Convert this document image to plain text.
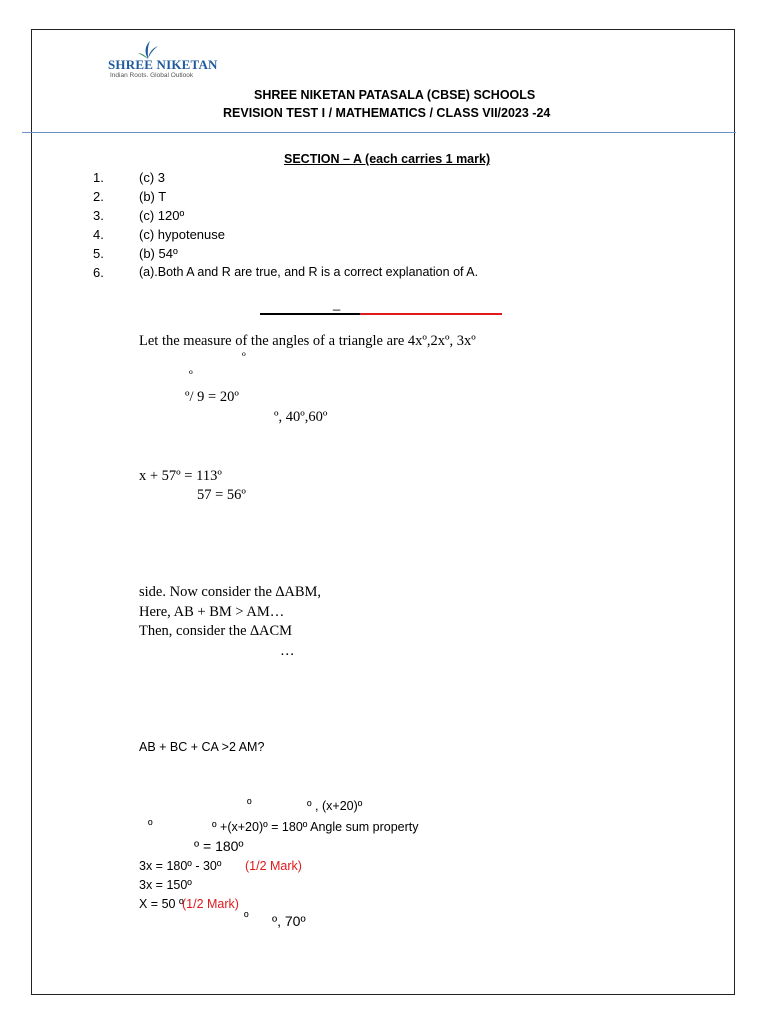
SHREE NIKETAN
Indian Roots. Global Outlook
SHREE NIKETAN PATASALA (CBSE) SCHOOLS
REVISION TEST I / MATHEMATICS / CLASS VII/2023 -24
SECTION – A (each carries 1 mark)
1.	(c) 3
2.	(b) T
3.	(c) 120º
4.	(c) hypotenuse
5.	(b) 54º
6.	(a).Both A and R are true, and R is a correct explanation of A.
_
Let the measure of the angles of a triangle are 4xº,2xº, 3xº
º
º
º/ 9 = 20º
º, 40º,60º
x + 57º = 113º
57 = 56º
side. Now consider the ∆ABM,
Here, AB + BM > AM…
Then, consider the ∆ACM
…
AB + BC + CA >2 AM?
º	º , (x+20)º
º	º +(x+20)º = 180º Angle sum property
º = 180º
3x = 180º - 30º (1/2 Mark)
3x = 150º
X = 50 º
(1/2 Mark)
º º, 70º
